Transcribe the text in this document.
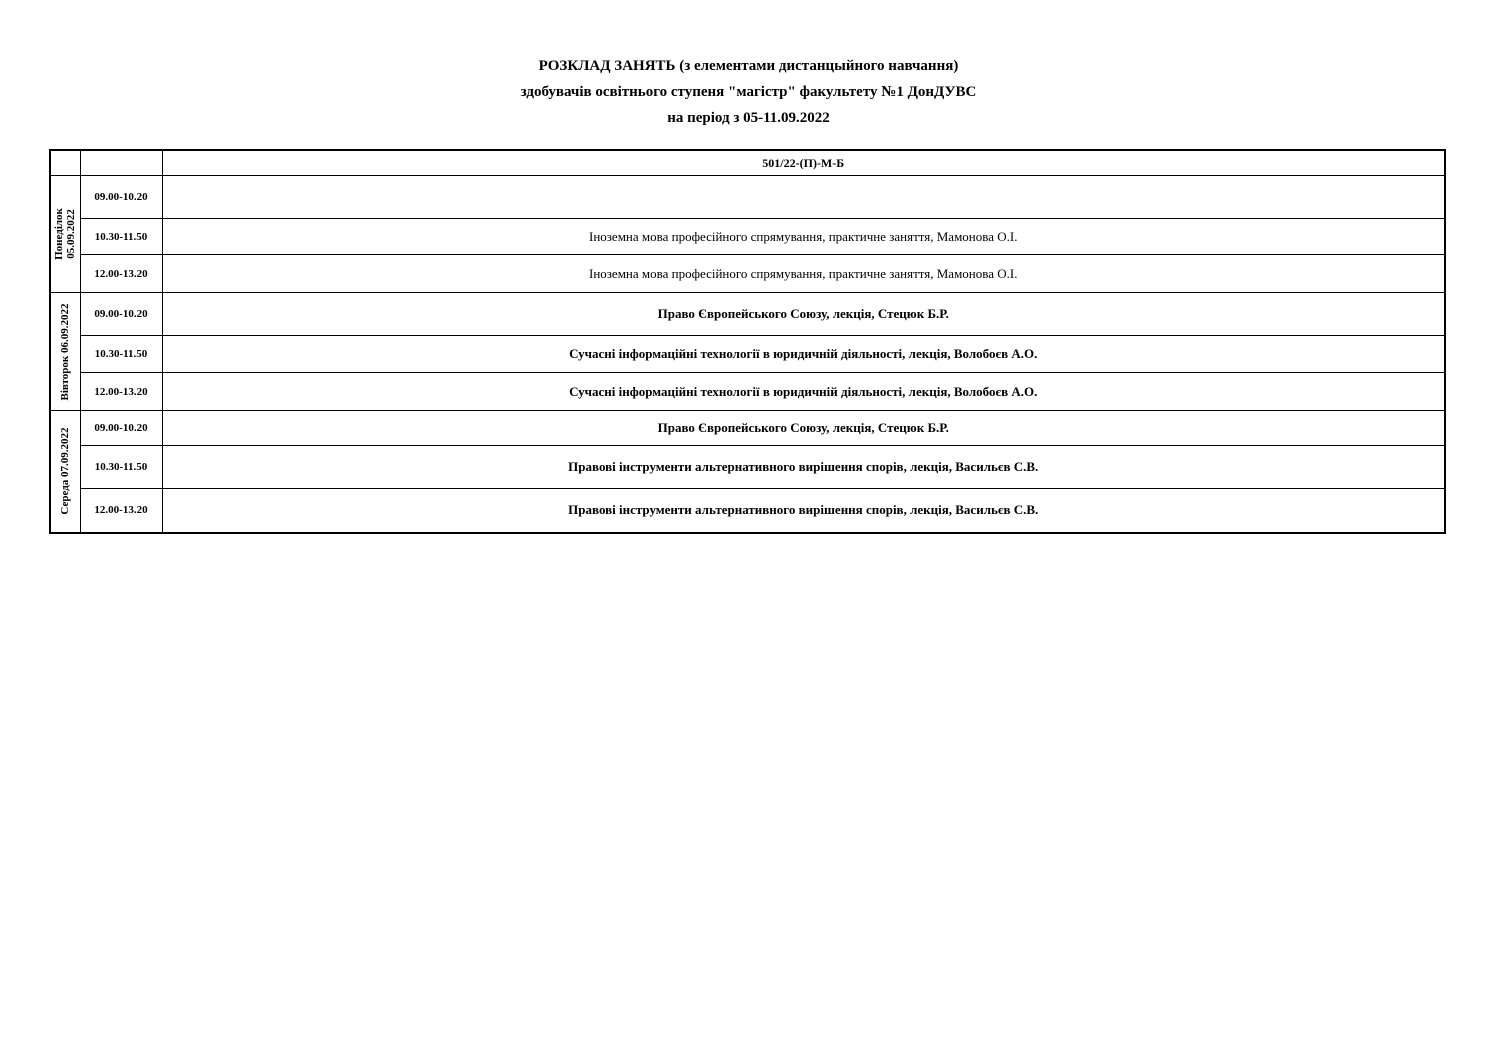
РОЗКЛАД ЗАНЯТЬ (з елементами дистанцыйного навчання)
здобувачів освітнього ступеня "магістр" факультету №1 ДонДУВС
на період з 05-11.09.2022
		501/22-(П)-М-Б

Понеділок 05.09.2022	09.00-10.20	
	10.30-11.50	Іноземна мова професійного спрямування, практичне заняття, Мамонова О.І.
	12.00-13.20	Іноземна мова професійного спрямування, практичне заняття, Мамонова О.І.

Вівторок 06.09.2022	09.00-10.20	Право Європейського Союзу, лекція, Стецюк Б.Р.
	10.30-11.50	Сучасні інформаційні технології в юридичній діяльності, лекція, Волобоєв А.О.
	12.00-13.20	Сучасні інформаційні технології в юридичній діяльності, лекція, Волобоєв А.О.

Середа 07.09.2022	09.00-10.20	Право Європейського Союзу, лекція, Стецюк Б.Р.
	10.30-11.50	Правові інструменти альтернативного вирішення спорів, лекція, Васильєв С.В.
	12.00-13.20	Правові інструменти альтернативного вирішення спорів, лекція, Васильєв С.В.
